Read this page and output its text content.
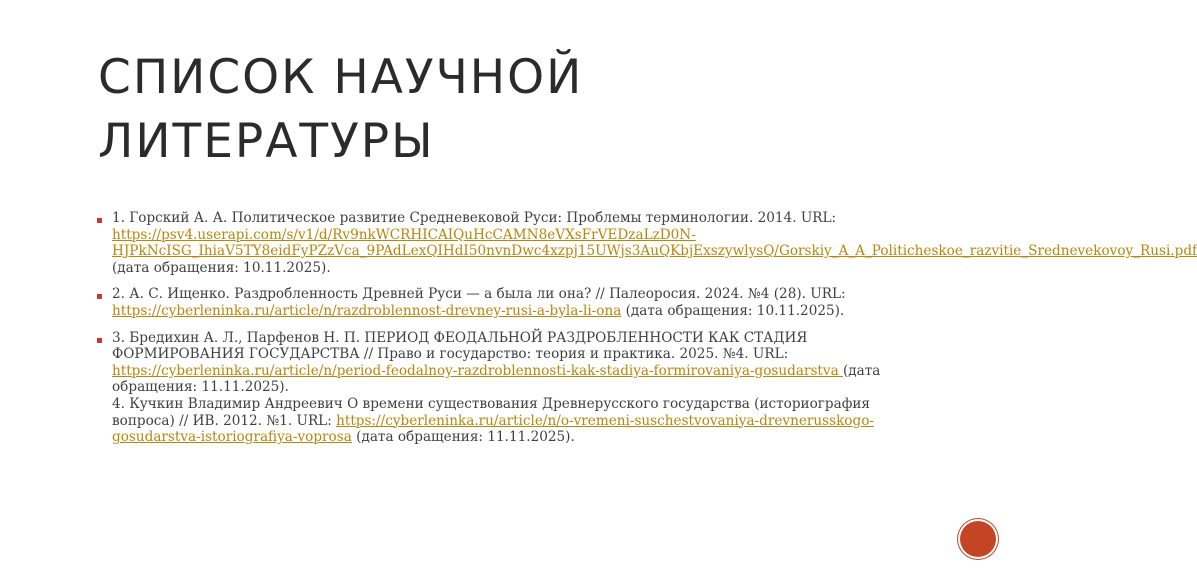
СПИСОК НАУЧНОЙ
ЛИТЕРАТУРЫ
▪ 1. Горский А. А. Политическое развитие Средневековой Руси: Проблемы терминологии. 2014. URL: https://psv4.userapi.com/s/v1/d/Rv9nkWCRHICAIQuHcCAMN8eVXsFrVEDzaLzD0N-HJPkNcISG_IhiaV5TY8eidFyPZzVca_9PAdLexQIHdI50nvnDwc4xzpj15UWjs3AuQKbjExszywlysQ/Gorskiy_A_A_Politicheskoe_razvitie_Srednevekovoy_Rusi.pdf (дата обращения: 10.11.2025).
▪ 2. А. С. Ищенко. Раздробленность Древней Руси — а была ли она? // Палеоросия. 2024. №4 (28). URL: https://cyberleninka.ru/article/n/razdroblennost-drevney-rusi-a-byla-li-ona (дата обращения: 10.11.2025).
▪ 3. Бредихин А. Л., Парфенов Н. П. ПЕРИОД ФЕОДАЛЬНОЙ РАЗДРОБЛЕННОСТИ КАК СТАДИЯ ФОРМИРОВАНИЯ ГОСУДАРСТВА // Право и государство: теория и практика. 2025. №4. URL: https://cyberleninka.ru/article/n/period-feodalnoy-razdroblennosti-kak-stadiya-formirovaniya-gosudarstva (дата обращения: 11.11.2025).
4. Кучкин Владимир Андреевич О времени существования Древнерусского государства (историография вопроса) // ИВ. 2012. №1. URL: https://cyberleninka.ru/article/n/o-vremeni-suschestvovaniya-drevnerusskogo-gosudarstva-istoriografiya-voprosa (дата обращения: 11.11.2025).
